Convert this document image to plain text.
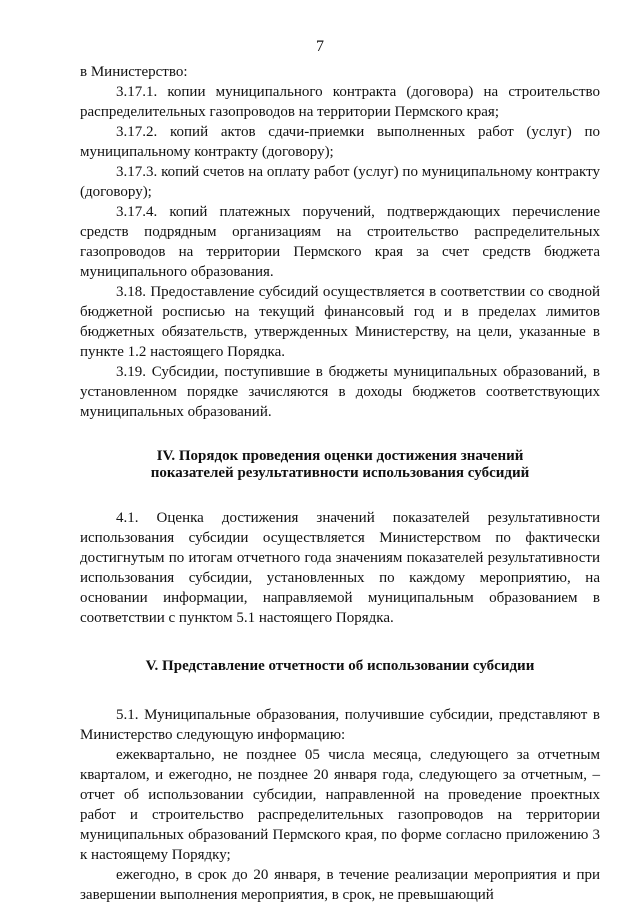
7

в Министерство:

3.17.1. копии муниципального контракта (договора) на строительство распределительных газопроводов на территории Пермского края;

3.17.2. копий актов сдачи-приемки выполненных работ (услуг) по муниципальному контракту (договору);

3.17.3. копий счетов на оплату работ (услуг) по муниципальному контракту (договору);

3.17.4. копий платежных поручений, подтверждающих перечисление средств подрядным организациям на строительство распределительных газопроводов на территории Пермского края за счет средств бюджета муниципального образования.

3.18. Предоставление субсидий осуществляется в соответствии со сводной бюджетной росписью на текущий финансовый год и в пределах лимитов бюджетных обязательств, утвержденных Министерству, на цели, указанные в пункте 1.2 настоящего Порядка.

3.19. Субсидии, поступившие в бюджеты муниципальных образований, в установленном порядке зачисляются в доходы бюджетов соответствующих муниципальных образований.

IV. Порядок проведения оценки достижения значений

показателей результативности использования субсидий

4.1. Оценка достижения значений показателей результативности использования субсидии осуществляется Министерством по фактически достигнутым по итогам отчетного года значениям показателей результативности использования субсидии, установленных по каждому мероприятию, на основании информации, направляемой муниципальным образованием в соответствии с пунктом 5.1 настоящего Порядка.

V. Представление отчетности об использовании субсидии

5.1. Муниципальные образования, получившие субсидии, представляют в Министерство следующую информацию:

ежеквартально, не позднее 05 числа месяца, следующего за отчетным кварталом, и ежегодно, не позднее 20 января года, следующего за отчетным, – отчет об использовании субсидии, направленной на проведение проектных работ и строительство распределительных газопроводов на территории муниципальных образований Пермского края, по форме согласно приложению 3 к настоящему Порядку;

ежегодно, в срок до 20 января, в течение реализации мероприятия и при завершении выполнения мероприятия, в срок, не превышающий
